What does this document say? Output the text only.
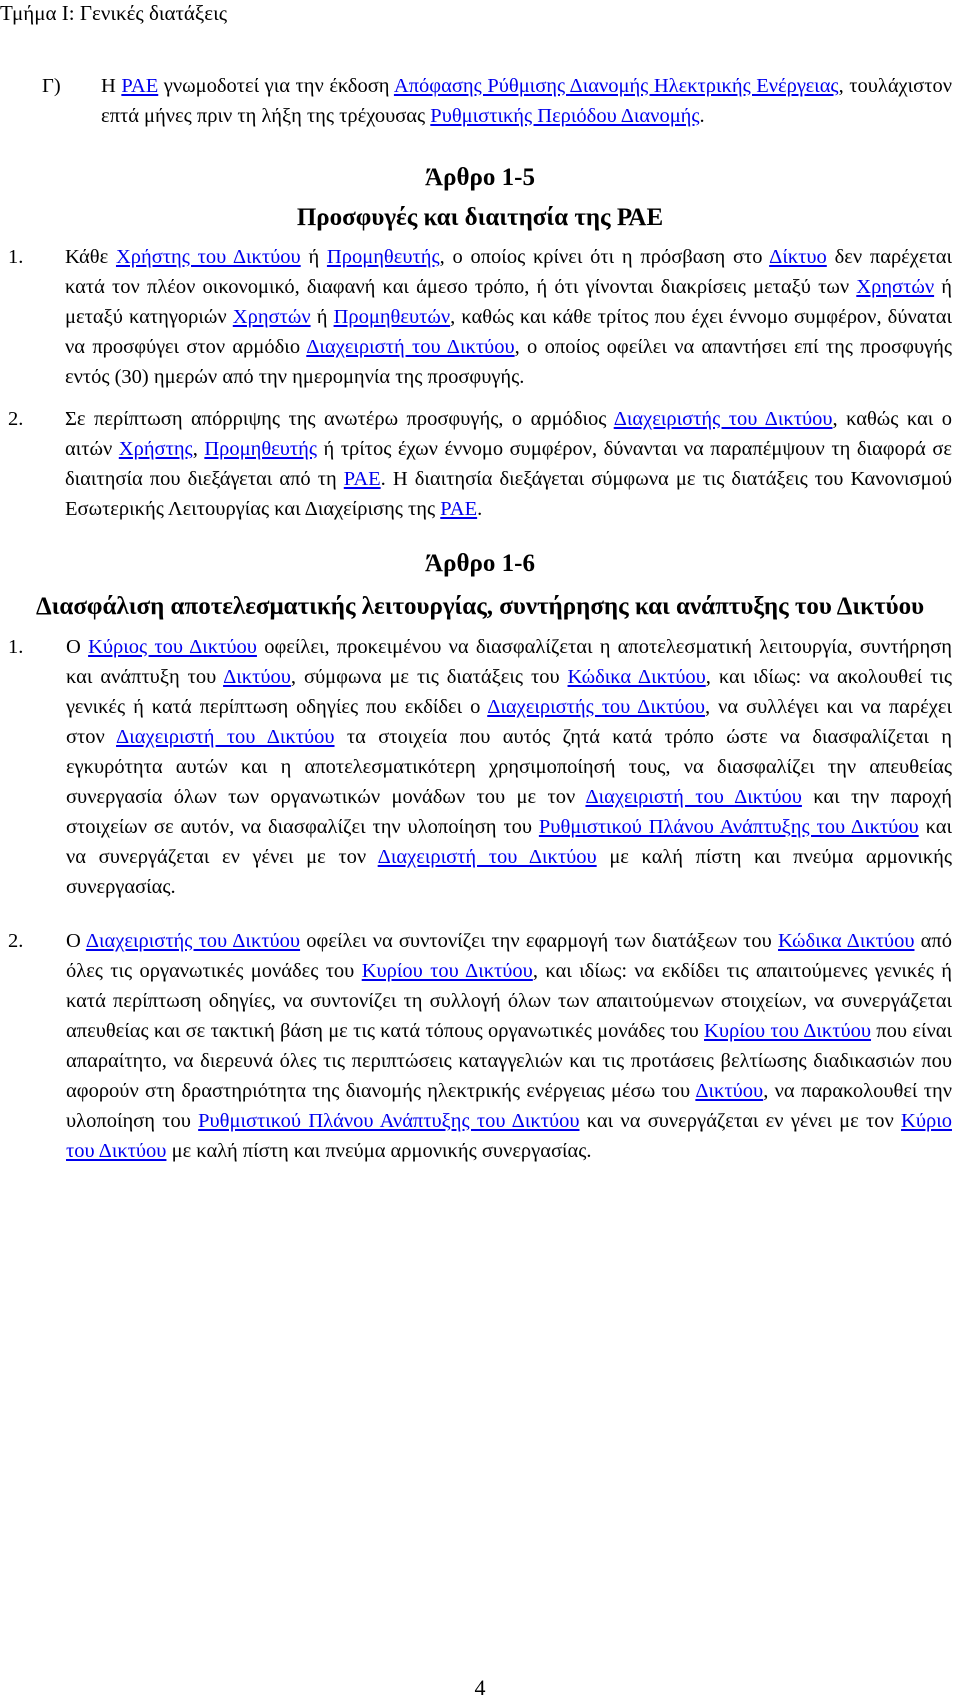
Τμήμα Ι: Γενικές διατάξεις
Γ) Η ΡΑΕ γνωμοδοτεί για την έκδοση Απόφασης Ρύθμισης Διανομής Ηλεκτρικής Ενέργειας, τουλάχιστον επτά μήνες πριν τη λήξη της τρέχουσας Ρυθμιστικής Περιόδου Διανομής.
Άρθρο 1-5
Προσφυγές και διαιτησία της ΡΑΕ
1. Κάθε Χρήστης του Δικτύου ή Προμηθευτής, ο οποίος κρίνει ότι η πρόσβαση στο Δίκτυο δεν παρέχεται κατά τον πλέον οικονομικό, διαφανή και άμεσο τρόπο, ή ότι γίνονται διακρίσεις μεταξύ των Χρηστών ή μεταξύ κατηγοριών Χρηστών ή Προμηθευτών, καθώς και κάθε τρίτος που έχει έννομο συμφέρον, δύναται να προσφύγει στον αρμόδιο Διαχειριστή του Δικτύου, ο οποίος οφείλει να απαντήσει επί της προσφυγής εντός (30) ημερών από την ημερομηνία της προσφυγής.
2. Σε περίπτωση απόρριψης της ανωτέρω προσφυγής, ο αρμόδιος Διαχειριστής του Δικτύου, καθώς και ο αιτών Χρήστης, Προμηθευτής ή τρίτος έχων έννομο συμφέρον, δύνανται να παραπέμψουν τη διαφορά σε διαιτησία που διεξάγεται από τη ΡΑΕ. Η διαιτησία διεξάγεται σύμφωνα με τις διατάξεις του Κανονισμού Εσωτερικής Λειτουργίας και Διαχείρισης της ΡΑΕ.
Άρθρο 1-6
Διασφάλιση αποτελεσματικής λειτουργίας, συντήρησης και ανάπτυξης του Δικτύου
1. Ο Κύριος του Δικτύου οφείλει, προκειμένου να διασφαλίζεται η αποτελεσματική λειτουργία, συντήρηση και ανάπτυξη του Δικτύου, σύμφωνα με τις διατάξεις του Κώδικα Δικτύου, και ιδίως: να ακολουθεί τις γενικές ή κατά περίπτωση οδηγίες που εκδίδει ο Διαχειριστής του Δικτύου, να συλλέγει και να παρέχει στον Διαχειριστή του Δικτύου τα στοιχεία που αυτός ζητά κατά τρόπο ώστε να διασφαλίζεται η εγκυρότητα αυτών και η αποτελεσματικότερη χρησιμοποίησή τους, να διασφαλίζει την απευθείας συνεργασία όλων των οργανωτικών μονάδων του με τον Διαχειριστή του Δικτύου και την παροχή στοιχείων σε αυτόν, να διασφαλίζει την υλοποίηση του Ρυθμιστικού Πλάνου Ανάπτυξης του Δικτύου και να συνεργάζεται εν γένει με τον Διαχειριστή του Δικτύου με καλή πίστη και πνεύμα αρμονικής συνεργασίας.
2. Ο Διαχειριστής του Δικτύου οφείλει να συντονίζει την εφαρμογή των διατάξεων του Κώδικα Δικτύου από όλες τις οργανωτικές μονάδες του Κυρίου του Δικτύου, και ιδίως: να εκδίδει τις απαιτούμενες γενικές ή κατά περίπτωση οδηγίες, να συντονίζει τη συλλογή όλων των απαιτούμενων στοιχείων, να συνεργάζεται απευθείας και σε τακτική βάση με τις κατά τόπους οργανωτικές μονάδες του Κυρίου του Δικτύου που είναι απαραίτητο, να διερευνά όλες τις περιπτώσεις καταγγελιών και τις προτάσεις βελτίωσης διαδικασιών που αφορούν στη δραστηριότητα της διανομής ηλεκτρικής ενέργειας μέσω του Δικτύου, να παρακολουθεί την υλοποίηση του Ρυθμιστικού Πλάνου Ανάπτυξης του Δικτύου και να συνεργάζεται εν γένει με τον Κύριο του Δικτύου με καλή πίστη και πνεύμα αρμονικής συνεργασίας.
4
